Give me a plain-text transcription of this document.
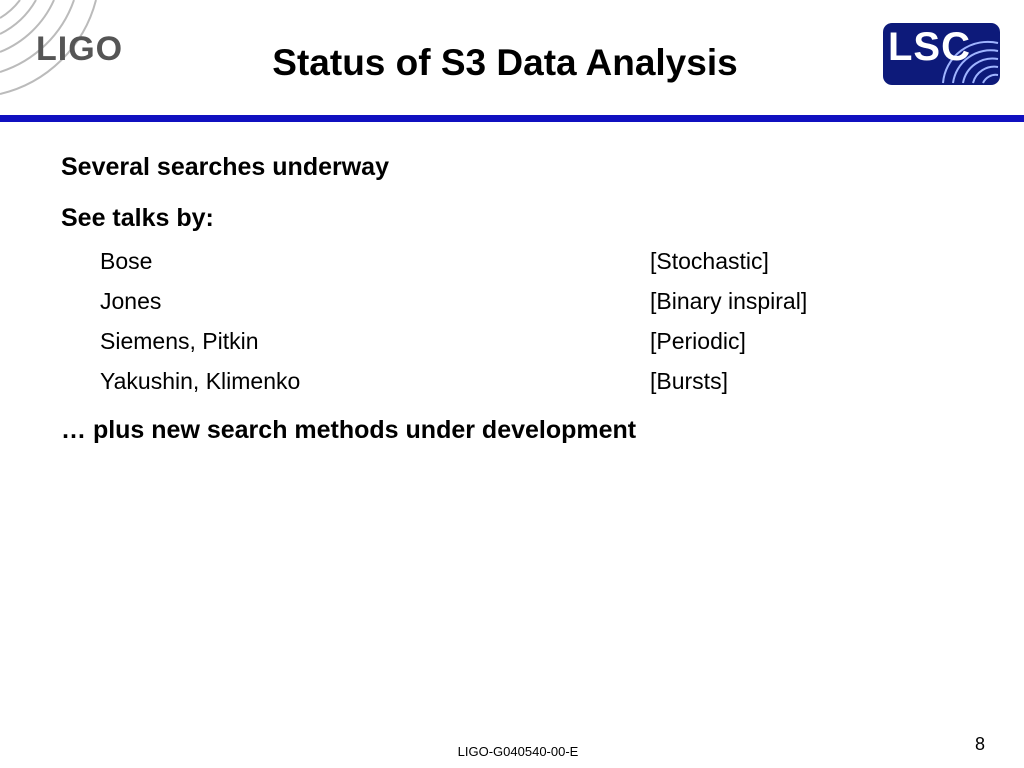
LIGO	Status of S3 Data Analysis	LSC

Several searches underway

See talks by:

Bose	[Stochastic]
Jones	[Binary inspiral]
Siemens, Pitkin	[Periodic]
Yakushin, Klimenko	[Bursts]

… plus new search methods under development

LIGO-G040540-00-E	8
